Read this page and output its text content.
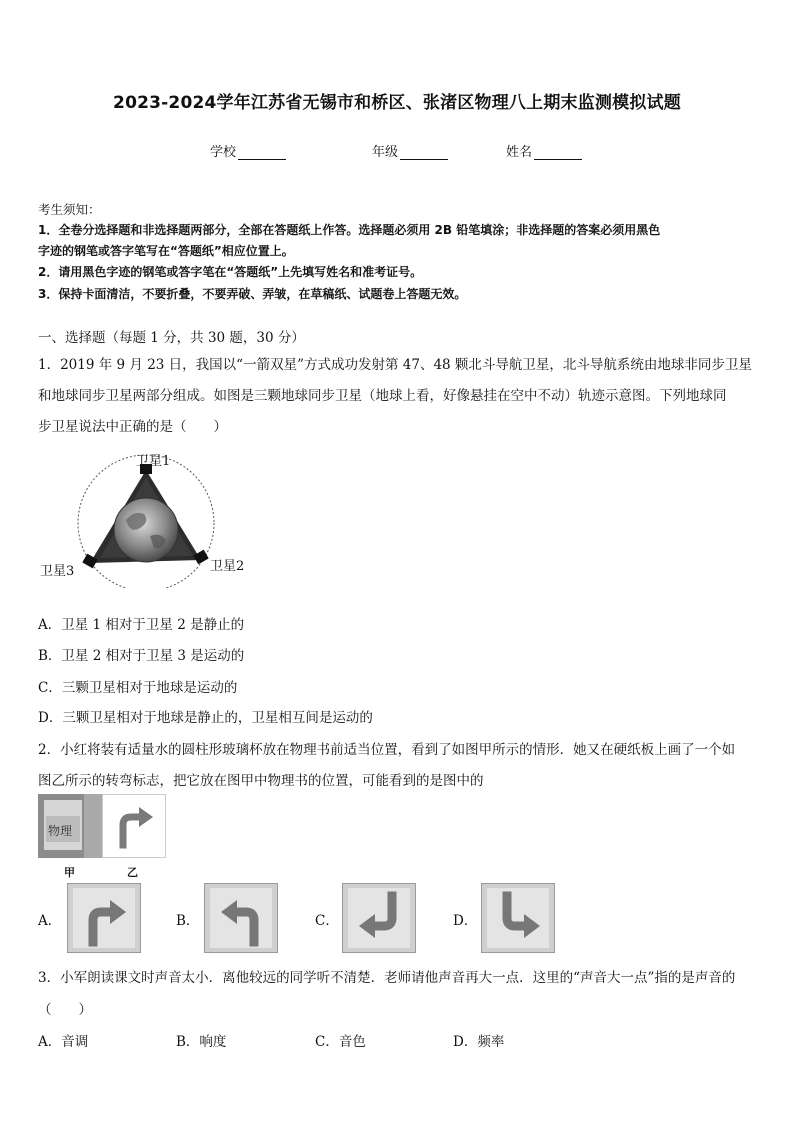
2023-2024学年江苏省无锡市和桥区、张渚区物理八上期末监测模拟试题
学校	年级	姓名
考生须知：
1．全卷分选择题和非选择题两部分，全部在答题纸上作答。选择题必须用 2B 铅笔填涂；非选择题的答案必须用黑色
字迹的钢笔或答字笔写在“答题纸”相应位置上。
2．请用黑色字迹的钢笔或答字笔在“答题纸”上先填写姓名和准考证号。
3．保持卡面清洁，不要折叠，不要弄破、弄皱，在草稿纸、试题卷上答题无效。
一、选择题（每题 1 分，共 30 题，30 分）
1．2019 年 9 月 23 日，我国以“一箭双星”方式成功发射第 47、48 颗北斗导航卫星，北斗导航系统由地球非同步卫星
和地球同步卫星两部分组成。如图是三颗地球同步卫星（地球上看，好像悬挂在空中不动）轨迹示意图。下列地球同
步卫星说法中正确的是（　　）
卫星1
卫星2
卫星3
A．卫星 1 相对于卫星 2 是静止的
B．卫星 2 相对于卫星 3 是运动的
C．三颗卫星相对于地球是运动的
D．三颗卫星相对于地球是静止的，卫星相互间是运动的
2．小红将装有适量水的圆柱形玻璃杯放在物理书前适当位置，看到了如图甲所示的情形．她又在硬纸板上画了一个如
图乙所示的转弯标志，把它放在图甲中物理书的位置，可能看到的是图中的
物理
甲	乙
A．	B．	C．	D．
3．小军朗读课文时声音太小．离他较远的同学听不清楚．老师请他声音再大一点．这里的“声音大一点”指的是声音的
（　　）
A．音调	B．响度	C．音色	D．频率
